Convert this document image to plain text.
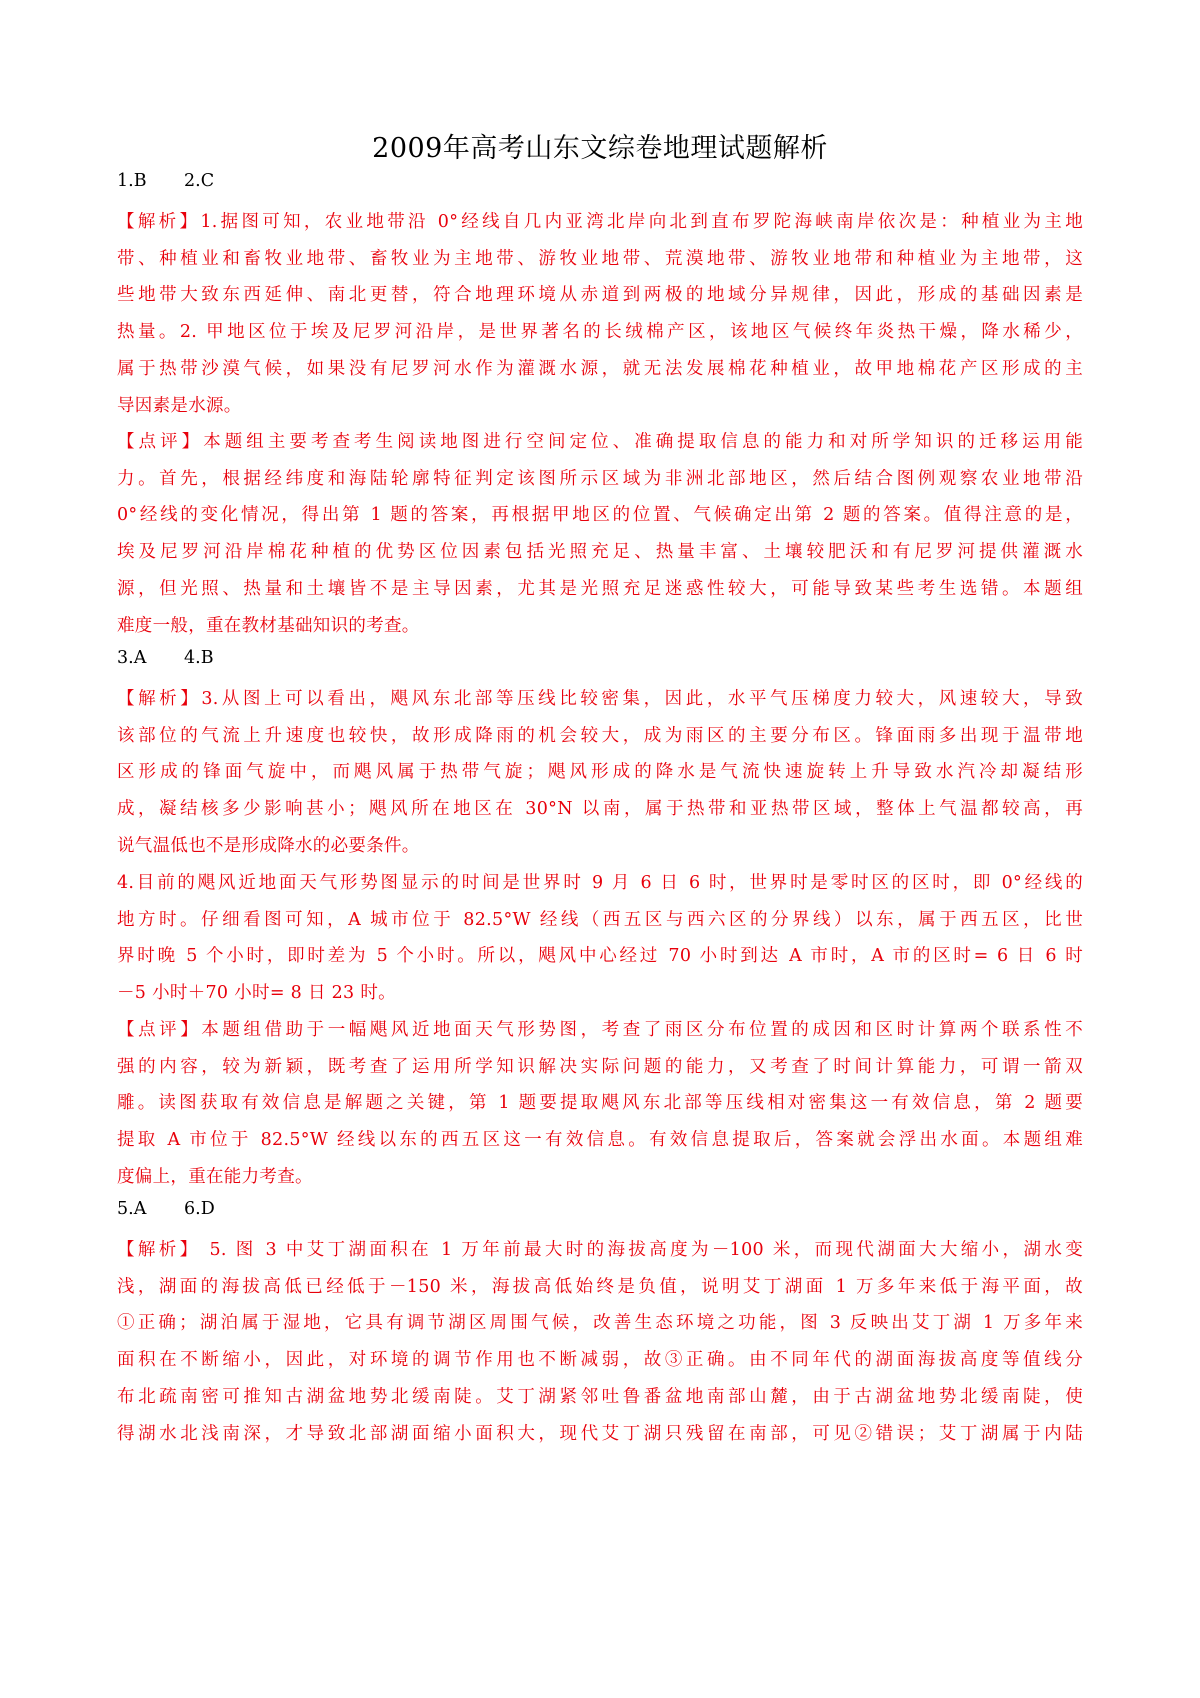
2009年高考山东文综卷地理试题解析
1.B 2.C
【解析】1.据图可知，农业地带沿 0°经线自几内亚湾北岸向北到直布罗陀海峡南岸依次是：种植业为主地
带、种植业和畜牧业地带、畜牧业为主地带、游牧业地带、荒漠地带、游牧业地带和种植业为主地带，这
些地带大致东西延伸、南北更替，符合地理环境从赤道到两极的地域分异规律，因此，形成的基础因素是
热量。2. 甲地区位于埃及尼罗河沿岸，是世界著名的长绒棉产区，该地区气候终年炎热干燥，降水稀少，
属于热带沙漠气候，如果没有尼罗河水作为灌溉水源，就无法发展棉花种植业，故甲地棉花产区形成的主
导因素是水源。
【点评】本题组主要考查考生阅读地图进行空间定位、准确提取信息的能力和对所学知识的迁移运用能
力。首先，根据经纬度和海陆轮廓特征判定该图所示区域为非洲北部地区，然后结合图例观察农业地带沿
0°经线的变化情况，得出第 1 题的答案，再根据甲地区的位置、气候确定出第 2 题的答案。值得注意的是，
埃及尼罗河沿岸棉花种植的优势区位因素包括光照充足、热量丰富、土壤较肥沃和有尼罗河提供灌溉水
源，但光照、热量和土壤皆不是主导因素，尤其是光照充足迷惑性较大，可能导致某些考生选错。本题组
难度一般，重在教材基础知识的考查。
3.A 4.B
【解析】3.从图上可以看出，飓风东北部等压线比较密集，因此，水平气压梯度力较大，风速较大，导致
该部位的气流上升速度也较快，故形成降雨的机会较大，成为雨区的主要分布区。锋面雨多出现于温带地
区形成的锋面气旋中，而飓风属于热带气旋；飓风形成的降水是气流快速旋转上升导致水汽冷却凝结形
成，凝结核多少影响甚小；飓风所在地区在 30°N 以南，属于热带和亚热带区域，整体上气温都较高，再
说气温低也不是形成降水的必要条件。
4.目前的飓风近地面天气形势图显示的时间是世界时 9 月 6 日 6 时，世界时是零时区的区时，即 0°经线的
地方时。仔细看图可知，A 城市位于 82.5°W 经线（西五区与西六区的分界线）以东，属于西五区，比世
界时晚 5 个小时，即时差为 5 个小时。所以，飓风中心经过 70 小时到达 A 市时，A 市的区时= 6 日 6 时
－5 小时＋70 小时= 8 日 23 时。
【点评】本题组借助于一幅飓风近地面天气形势图，考查了雨区分布位置的成因和区时计算两个联系性不
强的内容，较为新颖，既考查了运用所学知识解决实际问题的能力，又考查了时间计算能力，可谓一箭双
雕。读图获取有效信息是解题之关键，第 1 题要提取飓风东北部等压线相对密集这一有效信息，第 2 题要
提取 A 市位于 82.5°W 经线以东的西五区这一有效信息。有效信息提取后，答案就会浮出水面。本题组难
度偏上，重在能力考查。
5.A 6.D
【解析】 5. 图 3 中艾丁湖面积在 1 万年前最大时的海拔高度为－100 米，而现代湖面大大缩小，湖水变
浅，湖面的海拔高低已经低于－150 米，海拔高低始终是负值，说明艾丁湖面 1 万多年来低于海平面，故
①正确；湖泊属于湿地，它具有调节湖区周围气候，改善生态环境之功能，图 3 反映出艾丁湖 1 万多年来
面积在不断缩小，因此，对环境的调节作用也不断减弱，故③正确。由不同年代的湖面海拔高度等值线分
布北疏南密可推知古湖盆地势北缓南陡。艾丁湖紧邻吐鲁番盆地南部山麓，由于古湖盆地势北缓南陡，使
得湖水北浅南深，才导致北部湖面缩小面积大，现代艾丁湖只残留在南部，可见②错误；艾丁湖属于内陆
